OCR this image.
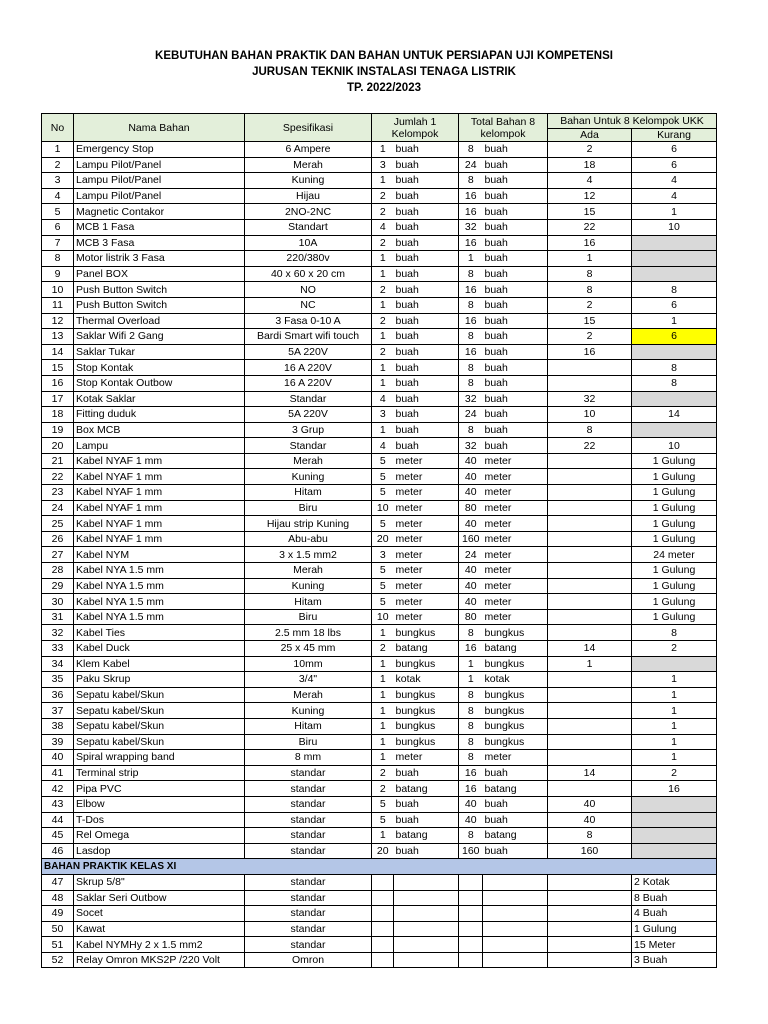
KEBUTUHAN BAHAN PRAKTIK DAN BAHAN UNTUK PERSIAPAN UJI KOMPETENSI
JURUSAN TEKNIK INSTALASI TENAGA LISTRIK
TP. 2022/2023
No	Nama Bahan	Spesifikasi	Jumlah 1 Kelompok		Total Bahan 8 kelompok		Bahan Untuk 8 Kelompok UKK	
							Ada	Kurang
1	Emergency Stop	6 Ampere	1	buah	8	buah	2	6
2	Lampu Pilot/Panel	Merah	3	buah	24	buah	18	6
3	Lampu Pilot/Panel	Kuning	1	buah	8	buah	4	4
4	Lampu Pilot/Panel	Hijau	2	buah	16	buah	12	4
5	Magnetic Contakor	2NO-2NC	2	buah	16	buah	15	1
6	MCB 1 Fasa	Standart	4	buah	32	buah	22	10
7	MCB 3 Fasa	10A	2	buah	16	buah	16	
8	Motor listrik 3 Fasa	220/380v	1	buah	1	buah	1	
9	Panel BOX	40 x 60 x 20 cm	1	buah	8	buah	8	
10	Push Button Switch	NO	2	buah	16	buah	8	8
11	Push Button Switch	NC	1	buah	8	buah	2	6
12	Thermal Overload	3 Fasa 0-10 A	2	buah	16	buah	15	1
13	Saklar Wifi 2 Gang	Bardi Smart wifi touch	1	buah	8	buah	2	6
14	Saklar Tukar	5A 220V	2	buah	16	buah	16	
15	Stop Kontak	16 A 220V	1	buah	8	buah		8
16	Stop Kontak Outbow	16 A 220V	1	buah	8	buah		8
17	Kotak Saklar	Standar	4	buah	32	buah	32	
18	Fitting duduk	5A 220V	3	buah	24	buah	10	14
19	Box MCB	3 Grup	1	buah	8	buah	8	
20	Lampu	Standar	4	buah	32	buah	22	10
21	Kabel NYAF 1 mm	Merah	5	meter	40	meter		1 Gulung
22	Kabel NYAF 1 mm	Kuning	5	meter	40	meter		1 Gulung
23	Kabel NYAF 1 mm	Hitam	5	meter	40	meter		1 Gulung
24	Kabel NYAF 1 mm	Biru	10	meter	80	meter		1 Gulung
25	Kabel NYAF 1 mm	Hijau strip Kuning	5	meter	40	meter		1 Gulung
26	Kabel NYAF 1 mm	Abu-abu	20	meter	160	meter		1 Gulung
27	Kabel NYM	3 x 1.5 mm2	3	meter	24	meter		24 meter
28	Kabel NYA 1.5 mm	Merah	5	meter	40	meter		1 Gulung
29	Kabel NYA 1.5 mm	Kuning	5	meter	40	meter		1 Gulung
30	Kabel NYA 1.5 mm	Hitam	5	meter	40	meter		1 Gulung
31	Kabel NYA 1.5 mm	Biru	10	meter	80	meter		1 Gulung
32	Kabel Ties	2.5 mm 18 lbs	1	bungkus	8	bungkus		8
33	Kabel Duck	25 x 45 mm	2	batang	16	batang	14	2
34	Klem Kabel	10mm	1	bungkus	1	bungkus	1	
35	Paku Skrup	3/4"	1	kotak	1	kotak		1
36	Sepatu kabel/Skun	Merah	1	bungkus	8	bungkus		1
37	Sepatu kabel/Skun	Kuning	1	bungkus	8	bungkus		1
38	Sepatu kabel/Skun	Hitam	1	bungkus	8	bungkus		1
39	Sepatu kabel/Skun	Biru	1	bungkus	8	bungkus		1
40	Spiral wrapping band	8 mm	1	meter	8	meter		1
41	Terminal strip	standar	2	buah	16	buah	14	2
42	Pipa PVC	standar	2	batang	16	batang		16
43	Elbow	standar	5	buah	40	buah	40	
44	T-Dos	standar	5	buah	40	buah	40	
45	Rel Omega	standar	1	batang	8	batang	8	
46	Lasdop	standar	20	buah	160	buah	160	
BAHAN PRAKTIK KELAS XI								
47	Skrup 5/8"	standar						2 Kotak
48	Saklar Seri Outbow	standar						8 Buah
49	Socet	standar						4 Buah
50	Kawat	standar						1 Gulung
51	Kabel NYMHy 2 x 1.5 mm2	standar						15 Meter
52	Relay Omron MKS2P /220 Volt	Omron						3 Buah
